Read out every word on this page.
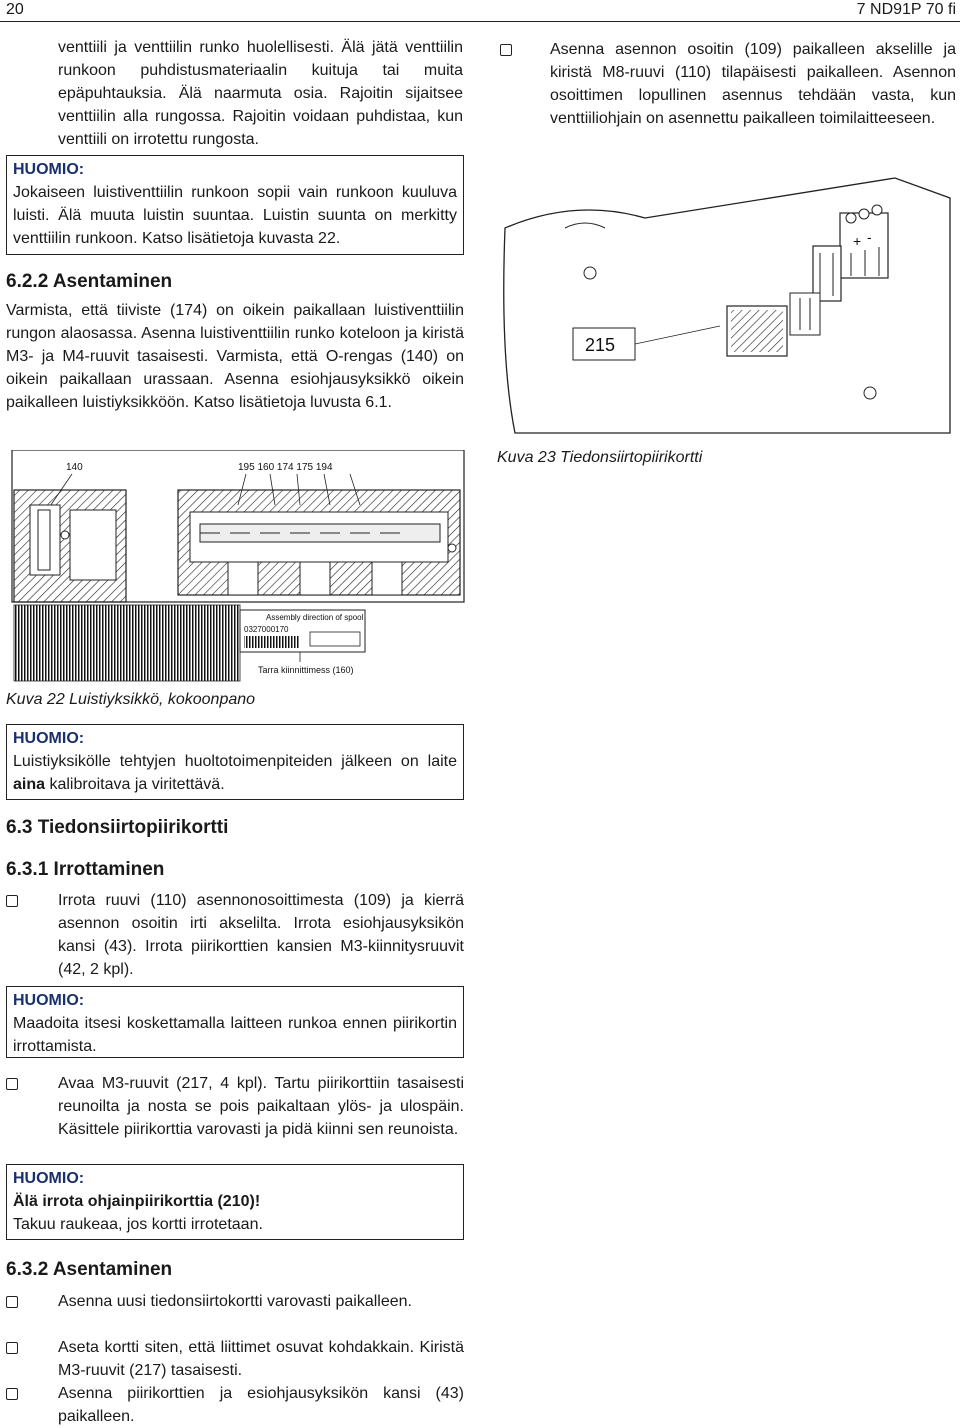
20	7 ND91P 70 fi

venttiili ja venttiilin runko huolellisesti. Älä jätä venttiilin runkoon puhdistusmateriaalin kuituja tai muita epäpuhtauksia. Älä naarmuta osia. Rajoitin sijaitsee venttiilin alla rungossa. Rajoitin voidaan puhdistaa, kun venttiili on irrotettu rungosta.

HUOMIO:
Jokaiseen luistiventtiilin runkoon sopii vain runkoon kuuluva luisti. Älä muuta luistin suuntaa. Luistin suunta on merkitty venttiilin runkoon. Katso lisätietoja kuvasta 22.
6.2.2 Asentaminen

Varmista, että tiiviste (174) on oikein paikallaan luistiventtiilin rungon alaosassa. Asenna luistiventtiilin runko koteloon ja kiristä M3- ja M4-ruuvit tasaisesti. Varmista, että O-rengas (140) on oikein paikallaan urassaan. Asenna esiohjausyksikkö oikein paikalleen luistiyksikköön. Katso lisätietoja luvusta 6.1.

140	195 160 174 175 194
Assembly direction of spool
0327000170
Tarra kiinnittimess (160)
Kuva 22 Luistiyksikkö, kokoonpano
HUOMIO:
Luistiyksikölle tehtyjen huoltotoimenpiteiden jälkeen on laite aina kalibroitava ja viritettävä.
6.3 Tiedonsiirtopiirikortti
6.3.1 Irrottaminen

Irrota ruuvi (110) asennonosoittimesta (109) ja kierrä asennon osoitin irti akselilta. Irrota esiohjausyksikön kansi (43). Irrota piirikorttien kansien M3-kiinnitysruuvit (42, 2 kpl).

HUOMIO:
Maadoita itsesi koskettamalla laitteen runkoa ennen piirikortin irrottamista.

Avaa M3-ruuvit (217, 4 kpl). Tartu piirikorttiin tasaisesti reunoilta ja nosta se pois paikaltaan ylös- ja ulospäin. Käsittele piirikorttia varovasti ja pidä kiinni sen reunoista.

HUOMIO:
Älä irrota ohjainpiirikorttia (210)!
Takuu raukeaa, jos kortti irrotetaan.
6.3.2 Asentaminen

Asenna uusi tiedonsiirtokortti varovasti paikalleen.

Aseta kortti siten, että liittimet osuvat kohdakkain. Kiristä M3-ruuvit (217) tasaisesti.

Asenna piirikorttien ja esiohjausyksikön kansi (43) paikalleen.

Asenna asennon osoitin (109) paikalleen akselille ja kiristä M8-ruuvi (110) tilapäisesti paikalleen. Asennon osoittimen lopullinen asennus tehdään vasta, kun venttiiliohjain on asennettu paikalleen toimilaitteeseen.

+ -
215
Kuva 23 Tiedonsiirtopiirikortti
